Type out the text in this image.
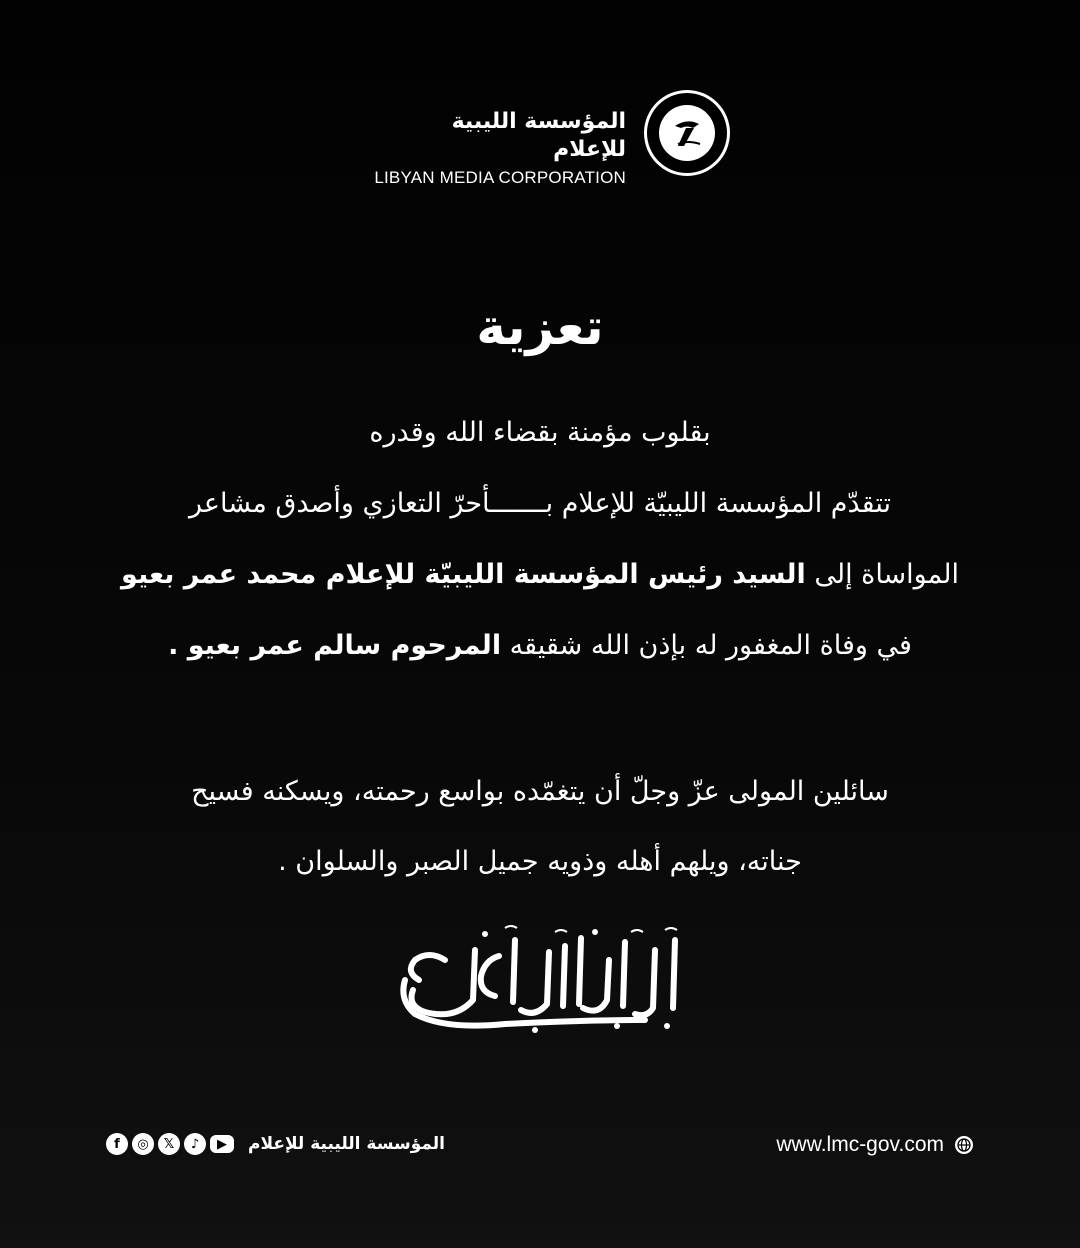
المؤسسة الليبية للإعلام
LIBYAN MEDIA CORPORATION
تعزية
بقلوب مؤمنة بقضاء الله وقدره
تتقدّم المؤسسة الليبيّة للإعلام بـــــــأحرّ التعازي وأصدق مشاعر
المواساة إلى السيد رئيس المؤسسة الليبيّة للإعلام محمد عمر بعيو
في وفاة المغفور له بإذن الله شقيقه المرحوم سالم عمر بعيو .
سائلين المولى عزّ وجلّ أن يتغمّده بواسع رحمته، ويسكنه فسيح
جناته، ويلهم أهله وذويه جميل الصبر والسلوان .
f	◎	𝕏	♪	▶	المؤسسة الليبية للإعلام	www.lmc-gov.com
